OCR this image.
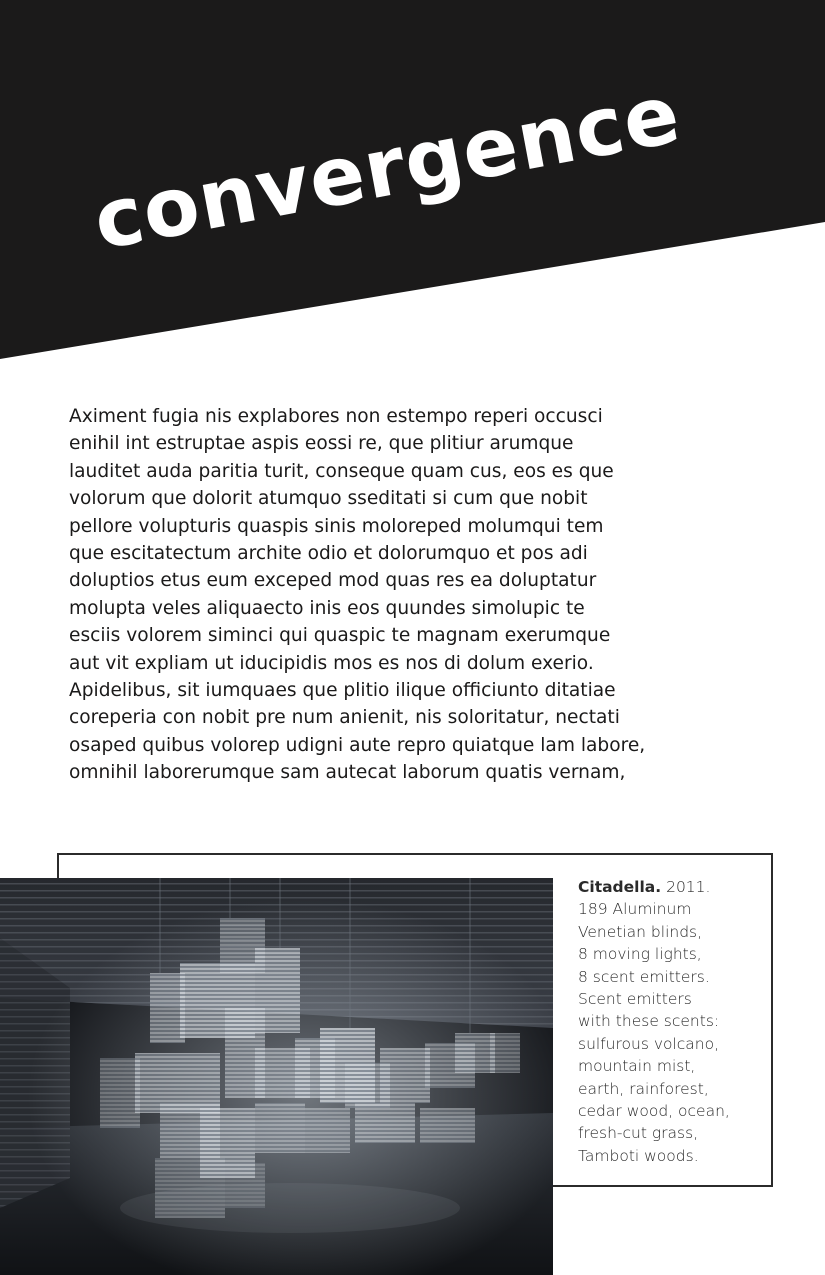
convergence

Aximent fugia nis explabores non estempo reperi occusci
enihil int estruptae aspis eossi re, que plitiur arumque
lauditet auda paritia turit, conseque quam cus, eos es que
volorum que dolorit atumquo sseditati si cum que nobit
pellore volupturis quaspis sinis moloreped molumqui tem
que escitatectum archite odio et dolorumquo et pos adi
doluptios etus eum exceped mod quas res ea doluptatur
molupta veles aliquaecto inis eos quundes simolupic te
esciis volorem siminci qui quaspic te magnam exerumque
aut vit expliam ut iducipidis mos es nos di dolum exerio.
Apidelibus, sit iumquaes que plitio ilique officiunto ditatiae
coreperia con nobit pre num anienit, nis soloritatur, nectati
osaped quibus volorep udigni aute repro quiatque lam labore,
omnihil laborerumque sam autecat laborum quatis vernam,

Citadella. 2011.
189 Aluminum
Venetian blinds,
8 moving lights,
8 scent emitters.
Scent emitters
with these scents:
sulfurous volcano,
mountain mist,
earth, rainforest,
cedar wood, ocean,
fresh-cut grass,
Tamboti woods.
